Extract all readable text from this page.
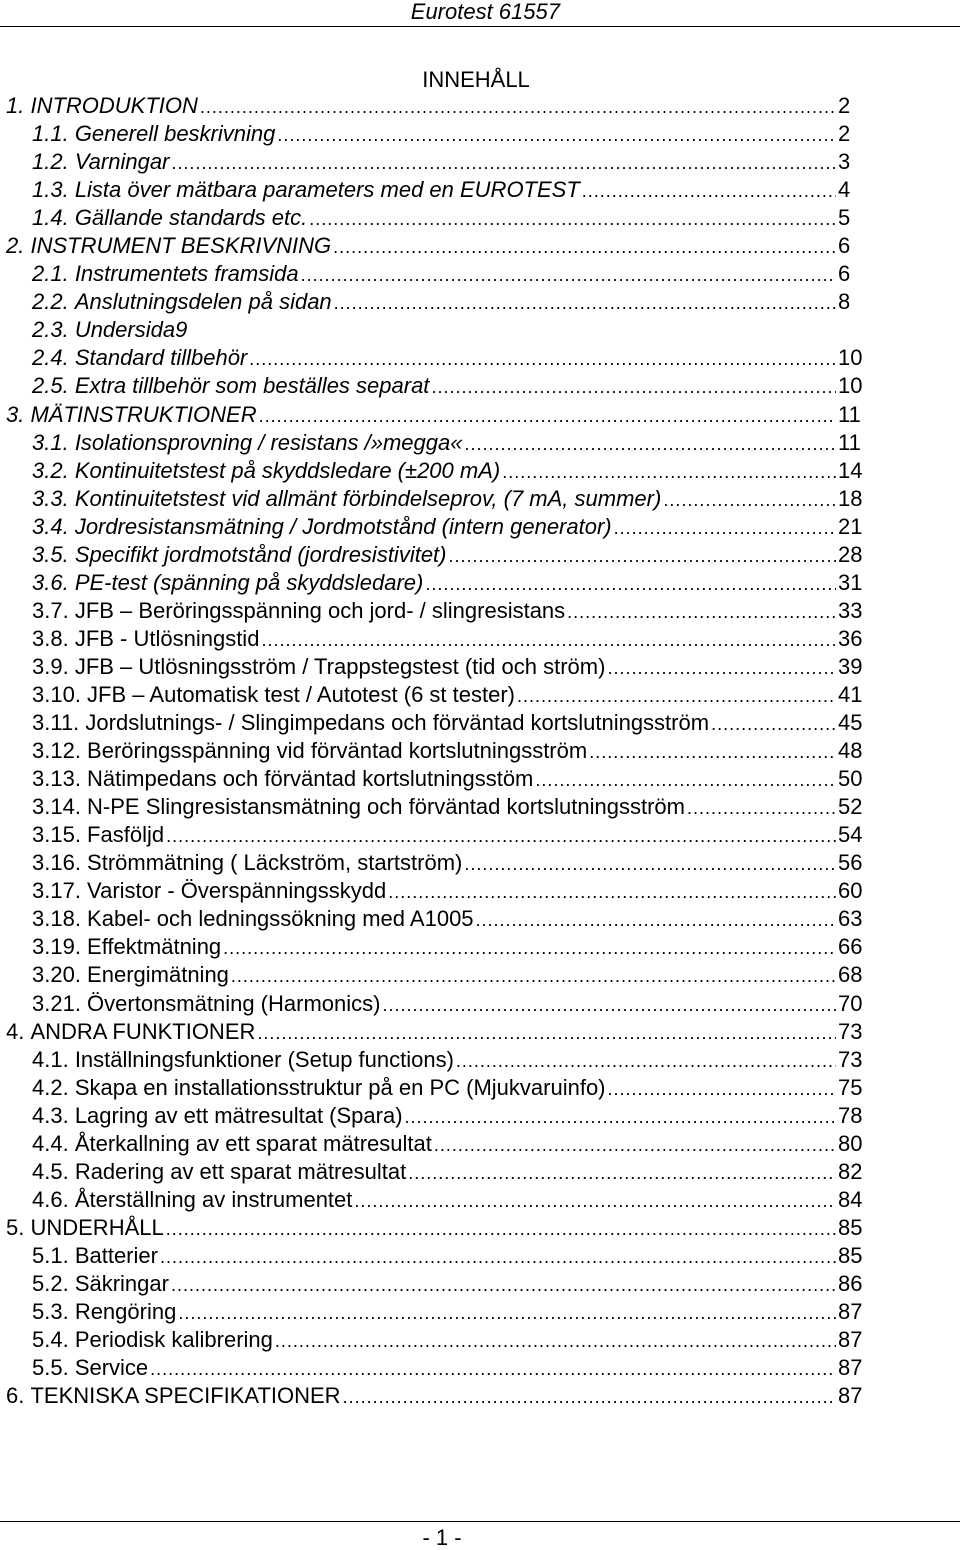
Eurotest 61557
INNEHÅLL
1. INTRODUKTION .....	2
1.1. Generell beskrivning .....	2
1.2. Varningar .....	3
1.3. Lista över mätbara parameters med en EUROTEST .....	4
1.4. Gällande standards etc. .....	5
2. INSTRUMENT BESKRIVNING .....	6
2.1. Instrumentets framsida .....	6
2.2. Anslutningsdelen på sidan .....	8
2.3. Undersida9
2.4. Standard tillbehör .....	10
2.5. Extra tillbehör som beställes separat .....	10
3. MÄTINSTRUKTIONER .....	11
3.1. Isolationsprovning / resistans /»megga« .....	11
3.2. Kontinuitetstest på skyddsledare (±200 mA) .....	14
3.3. Kontinuitetstest vid allmänt förbindelseprov, (7 mA, summer) .....	18
3.4. Jordresistansmätning / Jordmotstånd (intern generator) .....	21
3.5. Specifikt jordmotstånd (jordresistivitet) .....	28
3.6. PE-test (spänning på skyddsledare) .....	31
3.7. JFB – Beröringsspänning och jord- / slingresistans .....	33
3.8. JFB - Utlösningstid .....	36
3.9. JFB – Utlösningsström / Trappstegstest (tid och ström) .....	39
3.10. JFB – Automatisk test / Autotest (6 st tester) .....	41
3.11. Jordslutnings- / Slingimpedans och förväntad kortslutningsström .....	45
3.12. Beröringsspänning vid förväntad kortslutningsström .....	48
3.13. Nätimpedans och förväntad kortslutningsstöm .....	50
3.14. N-PE Slingresistansmätning och förväntad kortslutningsström .....	52
3.15. Fasföljd .....	54
3.16. Strömmätning ( Läckström, startström) .....	56
3.17. Varistor - Överspänningsskydd .....	60
3.18. Kabel- och ledningssökning med A1005 .....	63
3.19. Effektmätning .....	66
3.20. Energimätning .....	68
3.21. Övertonsmätning (Harmonics) .....	70
4. ANDRA FUNKTIONER .....	73
4.1. Inställningsfunktioner (Setup functions) .....	73
4.2. Skapa en installationsstruktur på en PC (Mjukvaruinfo) .....	75
4.3. Lagring av ett mätresultat (Spara) .....	78
4.4. Återkallning av ett sparat mätresultat .....	80
4.5. Radering av ett sparat mätresultat .....	82
4.6. Återställning av instrumentet .....	84
5. UNDERHÅLL .....	85
5.1. Batterier .....	85
5.2. Säkringar .....	86
5.3. Rengöring .....	87
5.4. Periodisk kalibrering .....	87
5.5. Service .....	87
6. TEKNISKA SPECIFIKATIONER .....	87
- 1 -
